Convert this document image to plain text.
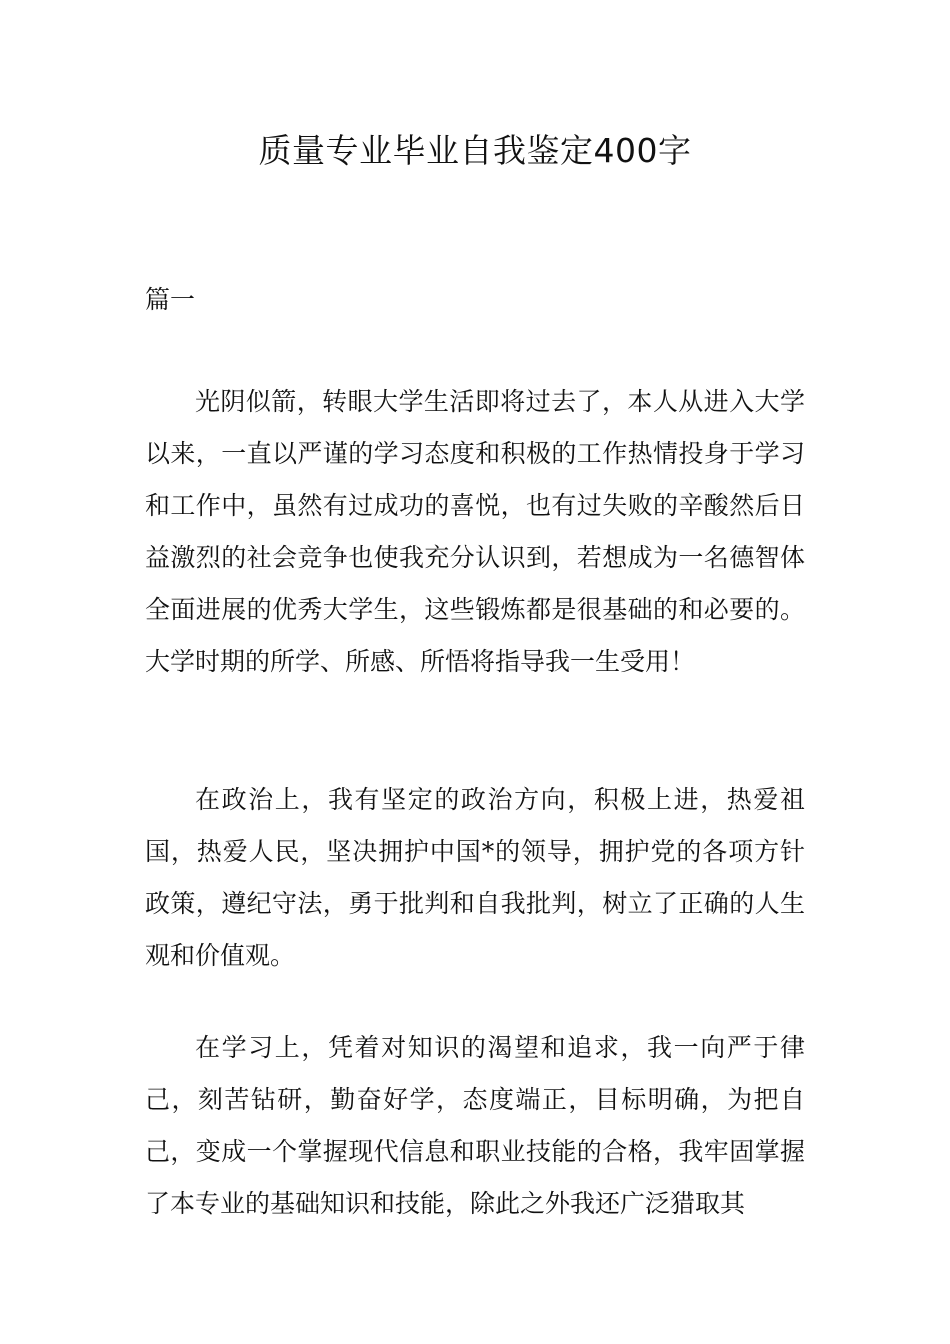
质量专业毕业自我鉴定400字

篇一

光阴似箭，转眼大学生活即将过去了，本人从进入大学以来，一直以严谨的学习态度和积极的工作热情投身于学习和工作中，虽然有过成功的喜悦，也有过失败的辛酸然后日益激烈的社会竞争也使我充分认识到，若想成为一名德智体全面进展的优秀大学生，这些锻炼都是很基础的和必要的。大学时期的所学、所感、所悟将指导我一生受用！

在政治上，我有坚定的政治方向，积极上进，热爱祖国，热爱人民，坚决拥护中国*的领导，拥护党的各项方针政策，遵纪守法，勇于批判和自我批判，树立了正确的人生观和价值观。

在学习上，凭着对知识的渴望和追求，我一向严于律己，刻苦钻研，勤奋好学，态度端正，目标明确，为把自己，变成一个掌握现代信息和职业技能的合格，我牢固掌握了本专业的基础知识和技能，除此之外我还广泛猎取其
